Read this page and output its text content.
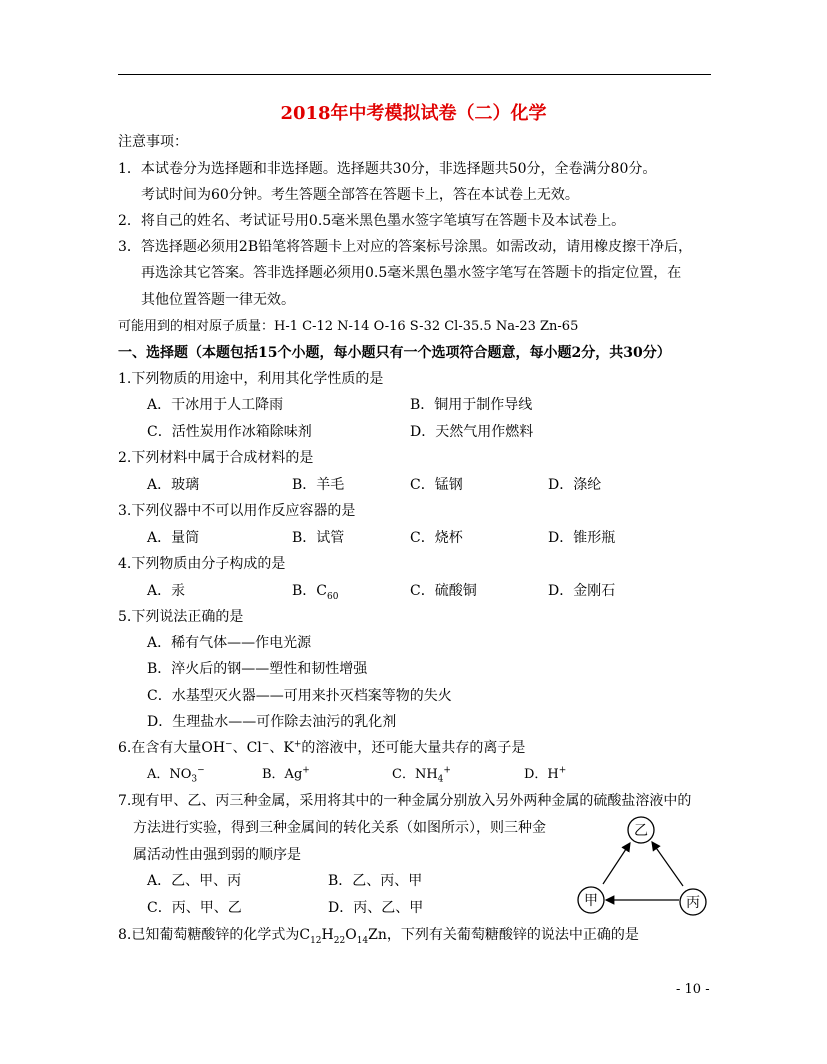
2018年中考模拟试卷（二）化学
注意事项：
1．本试卷分为选择题和非选择题。选择题共30分，非选择题共50分，全卷满分80分。
考试时间为60分钟。考生答题全部答在答题卡上，答在本试卷上无效。
2．将自己的姓名、考试证号用0.5毫米黑色墨水签字笔填写在答题卡及本试卷上。
3．答选择题必须用2B铅笔将答题卡上对应的答案标号涂黑。如需改动，请用橡皮擦干净后，
再选涂其它答案。答非选择题必须用0.5毫米黑色墨水签字笔写在答题卡的指定位置，在
其他位置答题一律无效。
可能用到的相对原子质量：H-1 C-12 N-14 O-16 S-32 Cl-35.5 Na-23 Zn-65
一、选择题（本题包括15个小题，每小题只有一个选项符合题意，每小题2分，共30分）
1.下列物质的用途中，利用其化学性质的是
A．干冰用于人工降雨	B．铜用于制作导线
C．活性炭用作冰箱除味剂	D．天然气用作燃料
2.下列材料中属于合成材料的是
A．玻璃	B．羊毛	C．锰钢	D．涤纶
3.下列仪器中不可以用作反应容器的是
A．量筒	B．试管	C．烧杯	D．锥形瓶
4.下列物质由分子构成的是
A．汞	B．$C_{60}$	C．硫酸铜	D．金刚石
5.下列说法正确的是
A．稀有气体——作电光源
B．淬火后的钢——塑性和韧性增强
C．水基型灭火器——可用来扑灭档案等物的失火
D．生理盐水——可作除去油污的乳化剂
6.在含有大量OH−、Cl−、K+的溶液中，还可能大量共存的离子是
A．$NO_3^-$	B．Ag+	C．$NH_4^+$	D．H+
7.现有甲、乙、丙三种金属，采用将其中的一种金属分别放入另外两种金属的硫酸盐溶液中的
方法进行实验，得到三种金属间的转化关系（如图所示），则三种金
属活动性由强到弱的顺序是
A．乙、甲、丙	B．乙、丙、甲
C．丙、甲、乙	D．丙、乙、甲
乙
甲	丙
8.已知葡萄糖酸锌的化学式为$C_{12}H_{22}O_{14}Zn$，下列有关葡萄糖酸锌的说法中正确的是
- 10 -
